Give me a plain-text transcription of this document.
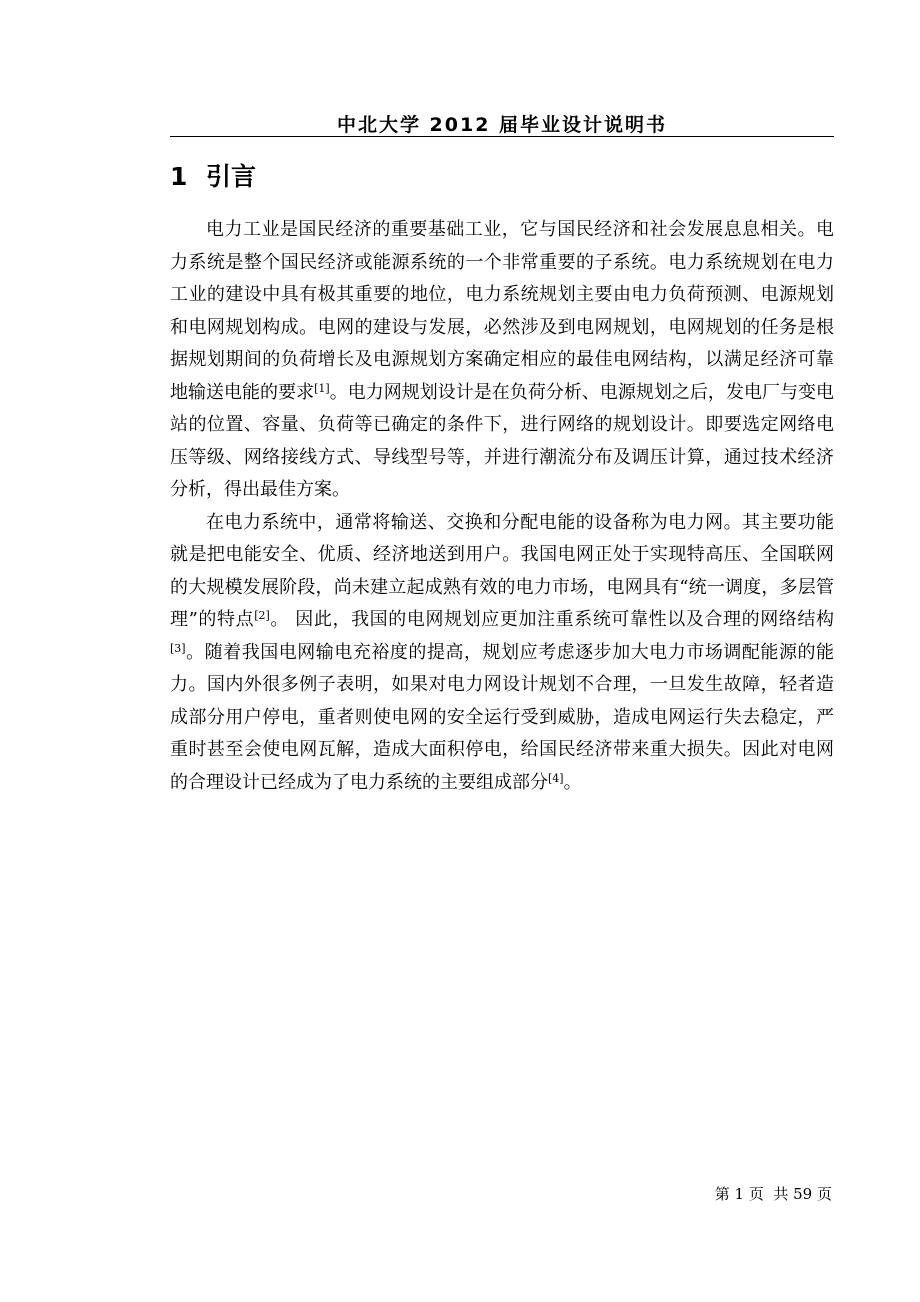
中北大学 2012 届毕业设计说明书
1 引言

电力工业是国民经济的重要基础工业，它与国民经济和社会发展息息相关。电力系统是整个国民经济或能源系统的一个非常重要的子系统。电力系统规划在电力工业的建设中具有极其重要的地位，电力系统规划主要由电力负荷预测、电源规划和电网规划构成。电网的建设与发展，必然涉及到电网规划，电网规划的任务是根据规划期间的负荷增长及电源规划方案确定相应的最佳电网结构，以满足经济可靠地输送电能的要求[1]。电力网规划设计是在负荷分析、电源规划之后，发电厂与变电站的位置、容量、负荷等已确定的条件下，进行网络的规划设计。即要选定网络电压等级、网络接线方式、导线型号等，并进行潮流分布及调压计算，通过技术经济分析，得出最佳方案。

在电力系统中，通常将输送、交换和分配电能的设备称为电力网。其主要功能就是把电能安全、优质、经济地送到用户。我国电网正处于实现特高压、全国联网的大规模发展阶段，尚未建立起成熟有效的电力市场，电网具有“统一调度，多层管理”的特点[2]。 因此，我国的电网规划应更加注重系统可靠性以及合理的网络结构[3]。随着我国电网输电充裕度的提高，规划应考虑逐步加大电力市场调配能源的能力。国内外很多例子表明，如果对电力网设计规划不合理，一旦发生故障，轻者造成部分用户停电，重者则使电网的安全运行受到威胁，造成电网运行失去稳定，严重时甚至会使电网瓦解，造成大面积停电，给国民经济带来重大损失。因此对电网的合理设计已经成为了电力系统的主要组成部分[4]。

第 1 页  共 59 页
